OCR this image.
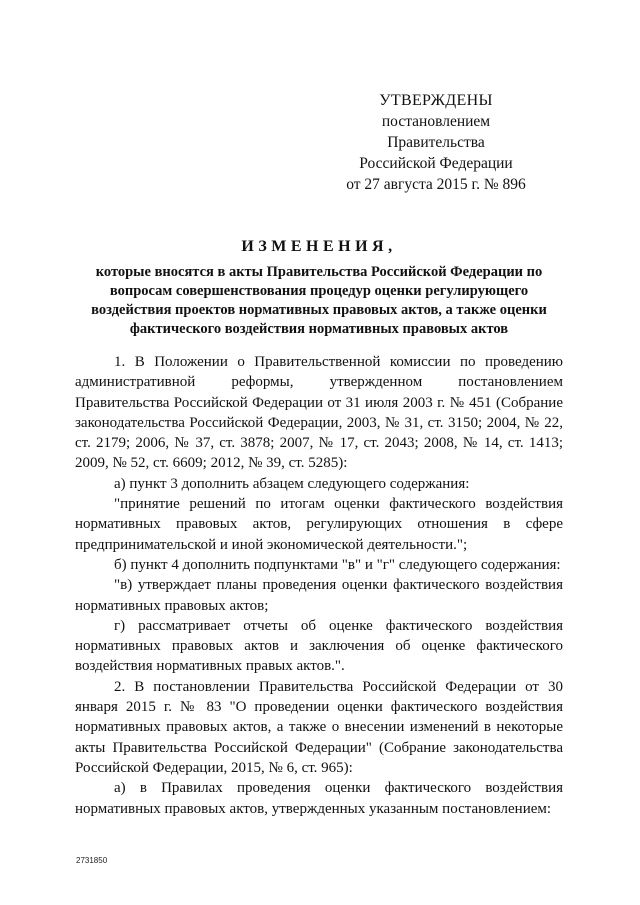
УТВЕРЖДЕНЫ
постановлением Правительства
Российской Федерации
от 27 августа 2015 г. № 896
ИЗМЕНЕНИЯ,
которые вносятся в акты Правительства Российской Федерации по вопросам совершенствования процедур оценки регулирующего воздействия проектов нормативных правовых актов, а также оценки фактического воздействия нормативных правовых актов

1. В Положении о Правительственной комиссии по проведению административной реформы, утвержденном постановлением Правительства Российской Федерации от 31 июля 2003 г. № 451 (Собрание законодательства Российской Федерации, 2003, № 31, ст. 3150; 2004, № 22, ст. 2179; 2006, № 37, ст. 3878; 2007, № 17, ст. 2043; 2008, № 14, ст. 1413; 2009, № 52, ст. 6609; 2012, № 39, ст. 5285):

а) пункт 3 дополнить абзацем следующего содержания:

"принятие решений по итогам оценки фактического воздействия нормативных правовых актов, регулирующих отношения в сфере предпринимательской и иной экономической деятельности.";

б) пункт 4 дополнить подпунктами "в" и "г" следующего содержания:

"в) утверждает планы проведения оценки фактического воздействия нормативных правовых актов;

г) рассматривает отчеты об оценке фактического воздействия нормативных правовых актов и заключения об оценке фактического воздействия нормативных правых актов.".

2. В постановлении Правительства Российской Федерации от 30 января 2015 г. № 83 "О проведении оценки фактического воздействия нормативных правовых актов, а также о внесении изменений в некоторые акты Правительства Российской Федерации" (Собрание законодательства Российской Федерации, 2015, № 6, ст. 965):

а) в Правилах проведения оценки фактического воздействия нормативных правовых актов, утвержденных указанным постановлением:

2731850
